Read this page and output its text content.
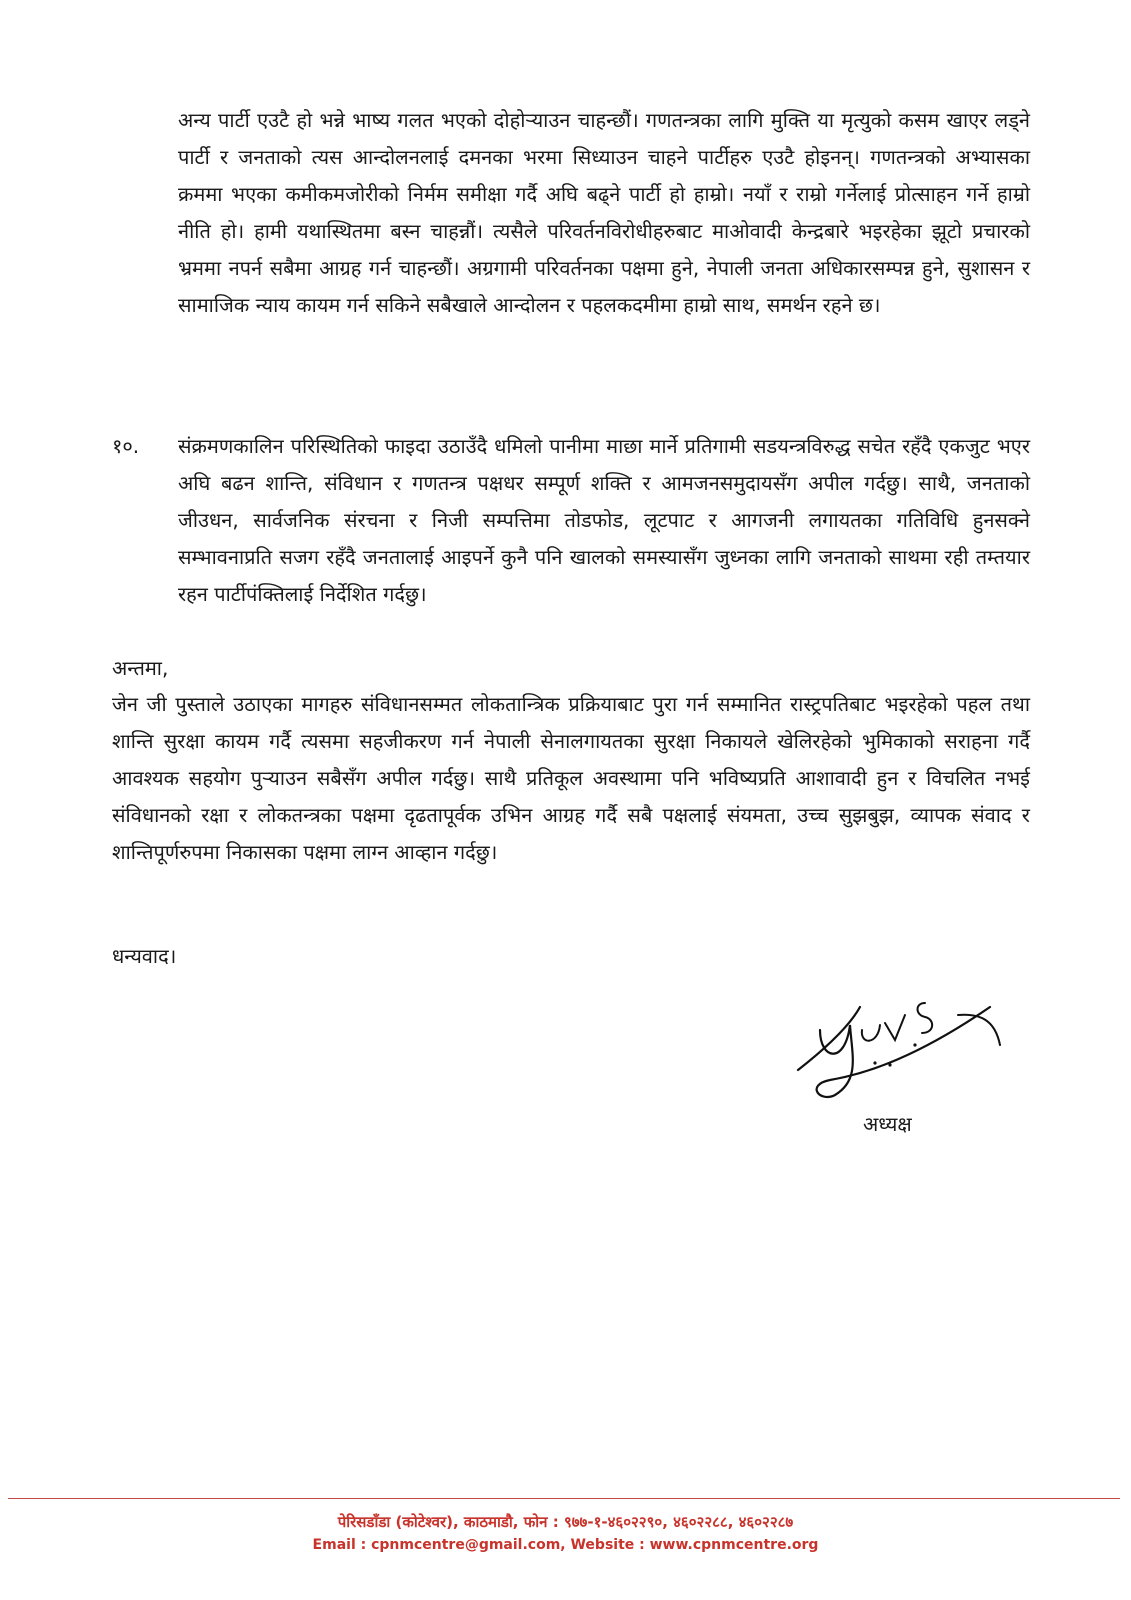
अन्य पार्टी एउटै हो भन्ने भाष्य गलत भएको दोहोर्‍याउन चाहन्छौं। गणतन्त्रका लागि मुक्ति या मृत्युको कसम खाएर लड्ने पार्टी र जनताको त्यस आन्दोलनलाई दमनका भरमा सिध्याउन चाहने पार्टीहरु एउटै होइनन्। गणतन्त्रको अभ्यासका क्रममा भएका कमीकमजोरीको निर्मम समीक्षा गर्दै अघि बढ्ने पार्टी हो हाम्रो। नयाँ र राम्रो गर्नेलाई प्रोत्साहन गर्ने हाम्रो नीति हो। हामी यथास्थितमा बस्न चाहन्नौं। त्यसैले परिवर्तनविरोधीहरुबाट माओवादी केन्द्रबारे भइरहेका झूटो प्रचारको भ्रममा नपर्न सबैमा आग्रह गर्न चाहन्छौं। अग्रगामी परिवर्तनका पक्षमा हुने, नेपाली जनता अधिकारसम्पन्न हुने, सुशासन र सामाजिक न्याय कायम गर्न सकिने सबैखाले आन्दोलन र पहलकदमीमा हाम्रो साथ, समर्थन रहने छ।
१०. संक्रमणकालिन परिस्थितिको फाइदा उठाउँदै धमिलो पानीमा माछा मार्ने प्रतिगामी सडयन्त्रविरुद्ध सचेत रहँदै एकजुट भएर अघि बढन शान्ति, संविधान र गणतन्त्र पक्षधर सम्पूर्ण शक्ति र आमजनसमुदायसँग अपील गर्दछु। साथै, जनताको जीउधन, सार्वजनिक संरचना र निजी सम्पत्तिमा तोडफोड, लूटपाट र आगजनी लगायतका गतिविधि हुनसक्ने सम्भावनाप्रति सजग रहँदै जनतालाई आइपर्ने कुनै पनि खालको समस्यासँग जुध्नका लागि जनताको साथमा रही तम्तयार रहन पार्टीपंक्तिलाई निर्देशित गर्दछु।
अन्तमा,
जेन जी पुस्ताले उठाएका मागहरु संविधानसम्मत लोकतान्त्रिक प्रक्रियाबाट पुरा गर्न सम्मानित रास्ट्रपतिबाट भइरहेको पहल तथा शान्ति सुरक्षा कायम गर्दै त्यसमा सहजीकरण गर्न नेपाली सेनालगायतका सुरक्षा निकायले खेलिरहेको भुमिकाको सराहना गर्दै आवश्यक सहयोग पुर्‍याउन सबैसँग अपील गर्दछु। साथै प्रतिकूल अवस्थामा पनि भविष्यप्रति आशावादी हुन र विचलित नभई संविधानको रक्षा र लोकतन्त्रका पक्षमा दृढतापूर्वक उभिन आग्रह गर्दै सबै पक्षलाई संयमता, उच्च सुझबुझ, व्यापक संवाद र शान्तिपूर्णरुपमा निकासका पक्षमा लाग्न आव्हान गर्दछु।
धन्यवाद।
अध्यक्ष
पेरिसडाँडा (कोटेश्वर), काठमाडौ, फोन : ९७७-१-४६०२२९०, ४६०२२८८, ४६०२२८७
Email : cpnmcentre@gmail.com, Website : www.cpnmcentre.org
